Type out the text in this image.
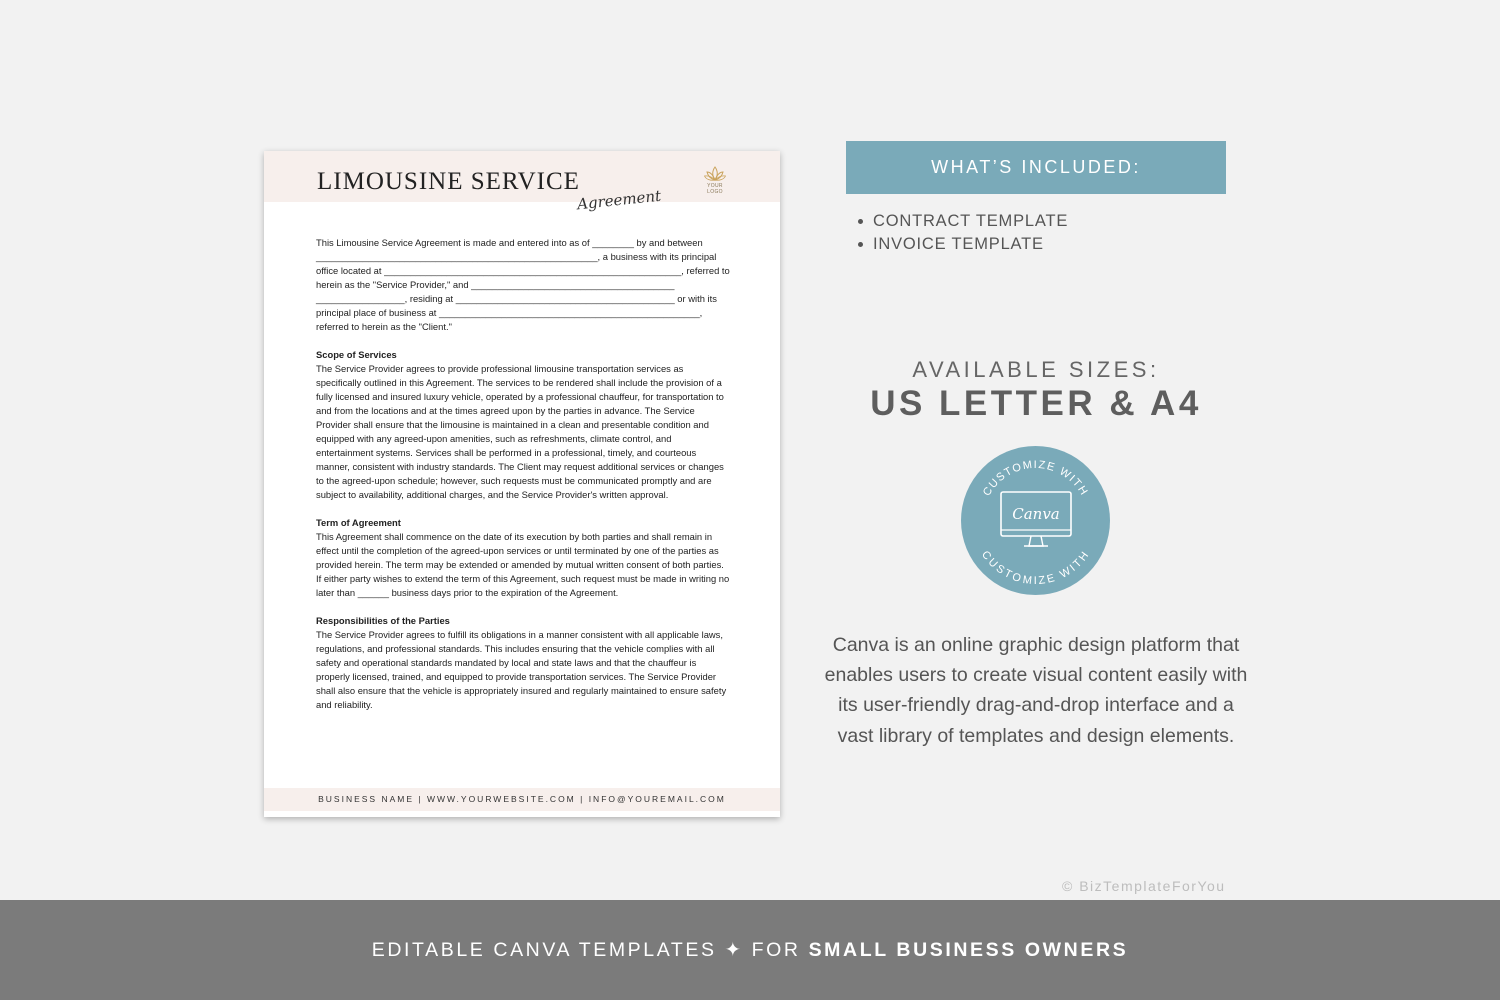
LIMOUSINE SERVICE
Agreement
YOUR LOGO

This Limousine Service Agreement is made and entered into as of ________ by and between ______________________________________________________, a business with its principal office located at _________________________________________________________, referred to herein as the "Service Provider," and _______________________________________ _________________, residing at __________________________________________ or with its principal place of business at __________________________________________________, referred to herein as the "Client."

Scope of Services

The Service Provider agrees to provide professional limousine transportation services as specifically outlined in this Agreement. The services to be rendered shall include the provision of a fully licensed and insured luxury vehicle, operated by a professional chauffeur, for transportation to and from the locations and at the times agreed upon by the parties in advance. The Service Provider shall ensure that the limousine is maintained in a clean and presentable condition and equipped with any agreed-upon amenities, such as refreshments, climate control, and entertainment systems. Services shall be performed in a professional, timely, and courteous manner, consistent with industry standards. The Client may request additional services or changes to the agreed-upon schedule; however, such requests must be communicated promptly and are subject to availability, additional charges, and the Service Provider's written approval.

Term of Agreement

This Agreement shall commence on the date of its execution by both parties and shall remain in effect until the completion of the agreed-upon services or until terminated by one of the parties as provided herein. The term may be extended or amended by mutual written consent of both parties. If either party wishes to extend the term of this Agreement, such request must be made in writing no later than ______ business days prior to the expiration of the Agreement.

Responsibilities of the Parties

The Service Provider agrees to fulfill its obligations in a manner consistent with all applicable laws, regulations, and professional standards. This includes ensuring that the vehicle complies with all safety and operational standards mandated by local and state laws and that the chauffeur is properly licensed, trained, and equipped to provide transportation services. The Service Provider shall also ensure that the vehicle is appropriately insured and regularly maintained to ensure safety and reliability.

BUSINESS NAME | WWW.YOURWEBSITE.COM | INFO@YOUREMAIL.COM
WHAT’S INCLUDED:
CONTRACT TEMPLATE
INVOICE TEMPLATE
AVAILABLE SIZES:
US LETTER & A4
CUSTOMIZE WITH
CUSTOMIZE WITH
Canva
Canva is an online graphic design platform that enables users to create visual content easily with its user-friendly drag-and-drop interface and a vast library of templates and design elements.
© BizTemplateForYou
EDITABLE CANVA TEMPLATES ✦ FOR SMALL BUSINESS OWNERS
